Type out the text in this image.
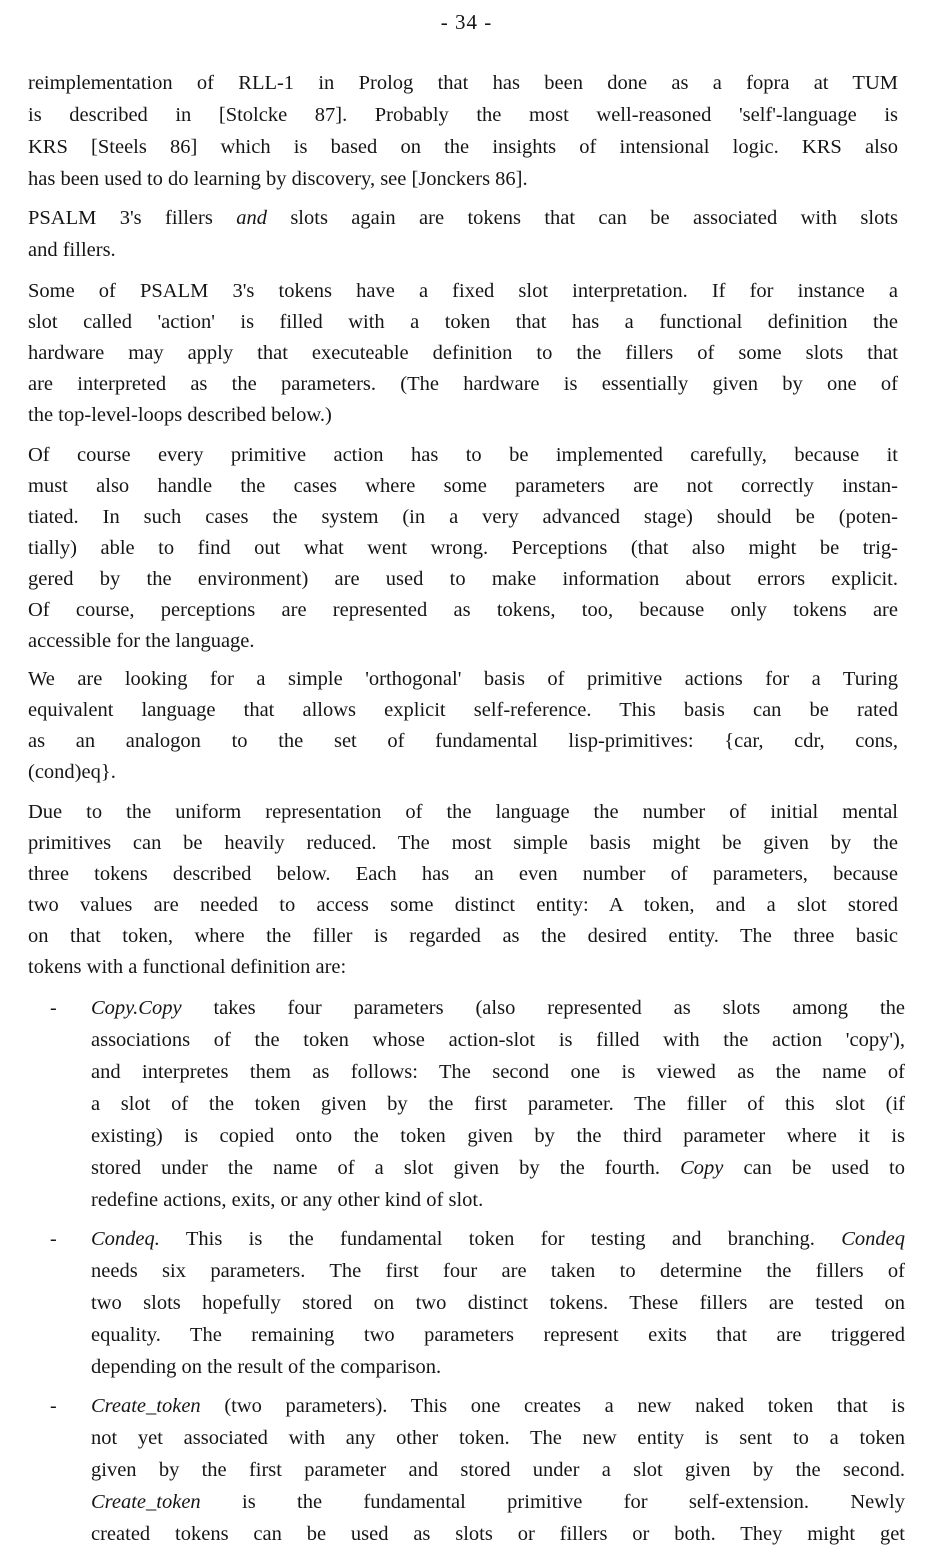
- 34 -
reimplementation of RLL-1 in Prolog that has been done as a fopra at TUM
is described in [Stolcke 87]. Probably the most well-reasoned 'self'-language is
KRS [Steels 86] which is based on the insights of intensional logic. KRS also
has been used to do learning by discovery, see [Jonckers 86].
PSALM 3's fillers and slots again are tokens that can be associated with slots
and fillers.
Some of PSALM 3's tokens have a fixed slot interpretation. If for instance a
slot called 'action' is filled with a token that has a functional definition the
hardware may apply that executeable definition to the fillers of some slots that
are interpreted as the parameters. (The hardware is essentially given by one of
the top-level-loops described below.)
Of course every primitive action has to be implemented carefully, because it
must also handle the cases where some parameters are not correctly instan-
tiated. In such cases the system (in a very advanced stage) should be (poten-
tially) able to find out what went wrong. Perceptions (that also might be trig-
gered by the environment) are used to make information about errors explicit.
Of course, perceptions are represented as tokens, too, because only tokens are
accessible for the language.
We are looking for a simple 'orthogonal' basis of primitive actions for a Turing
equivalent language that allows explicit self-reference. This basis can be rated
as an analogon to the set of fundamental lisp-primitives: {car, cdr, cons,
(cond)eq}.
Due to the uniform representation of the language the number of initial mental
primitives can be heavily reduced. The most simple basis might be given by the
three tokens described below. Each has an even number of parameters, because
two values are needed to access some distinct entity: A token, and a slot stored
on that token, where the filler is regarded as the desired entity. The three basic
tokens with a functional definition are:
- Copy.Copy takes four parameters (also represented as slots among the
associations of the token whose action-slot is filled with the action 'copy'),
and interpretes them as follows: The second one is viewed as the name of
a slot of the token given by the first parameter. The filler of this slot (if
existing) is copied onto the token given by the third parameter where it is
stored under the name of a slot given by the fourth. Copy can be used to
redefine actions, exits, or any other kind of slot.
- Condeq. This is the fundamental token for testing and branching. Condeq
needs six parameters. The first four are taken to determine the fillers of
two slots hopefully stored on two distinct tokens. These fillers are tested on
equality. The remaining two parameters represent exits that are triggered
depending on the result of the comparison.
- Create_token (two parameters). This one creates a new naked token that is
not yet associated with any other token. The new entity is sent to a token
given by the first parameter and stored under a slot given by the second.
Create_token is the fundamental primitive for self-extension. Newly
created tokens can be used as slots or fillers or both. They might get
